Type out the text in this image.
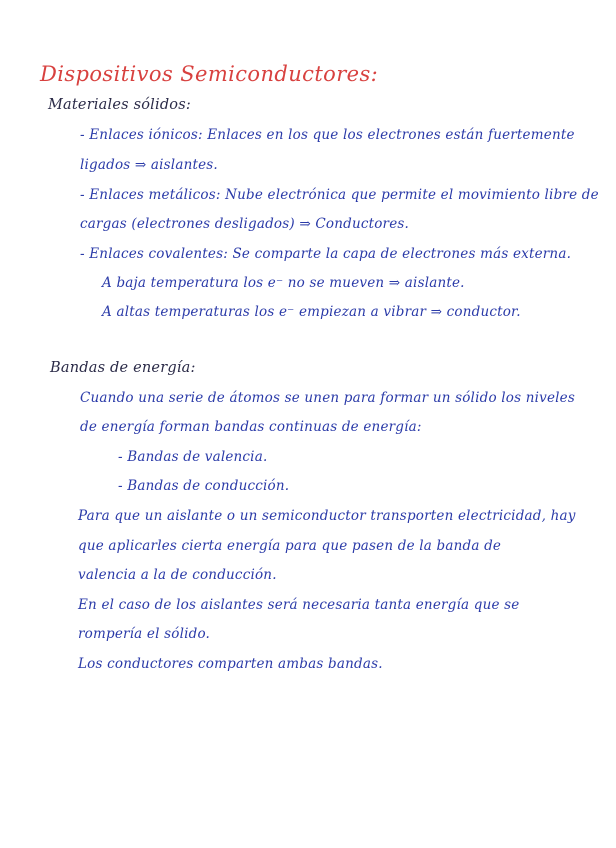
Dispositivos Semiconductores:
Materiales sólidos:
- Enlaces iónicos: Enlaces en los que los electrones están fuertemente
ligados ⇒ aislantes.
- Enlaces metálicos: Nube electrónica que permite el movimiento libre de
cargas (electrones desligados) ⇒ Conductores.
- Enlaces covalentes: Se comparte la capa de electrones más externa.
A baja temperatura los e⁻ no se mueven ⇒ aislante.
A altas temperaturas los e⁻ empiezan a vibrar ⇒ conductor.
Bandas de energía:
Cuando una serie de átomos se unen para formar un sólido los niveles
de energía forman bandas continuas de energía:
- Bandas de valencia.
- Bandas de conducción.
Para que un aislante o un semiconductor transporten electricidad, hay
que aplicarles cierta energía para que pasen de la banda de
valencia a la de conducción.
En el caso de los aislantes será necesaria tanta energía que se
rompería el sólido.
Los conductores comparten ambas bandas.
